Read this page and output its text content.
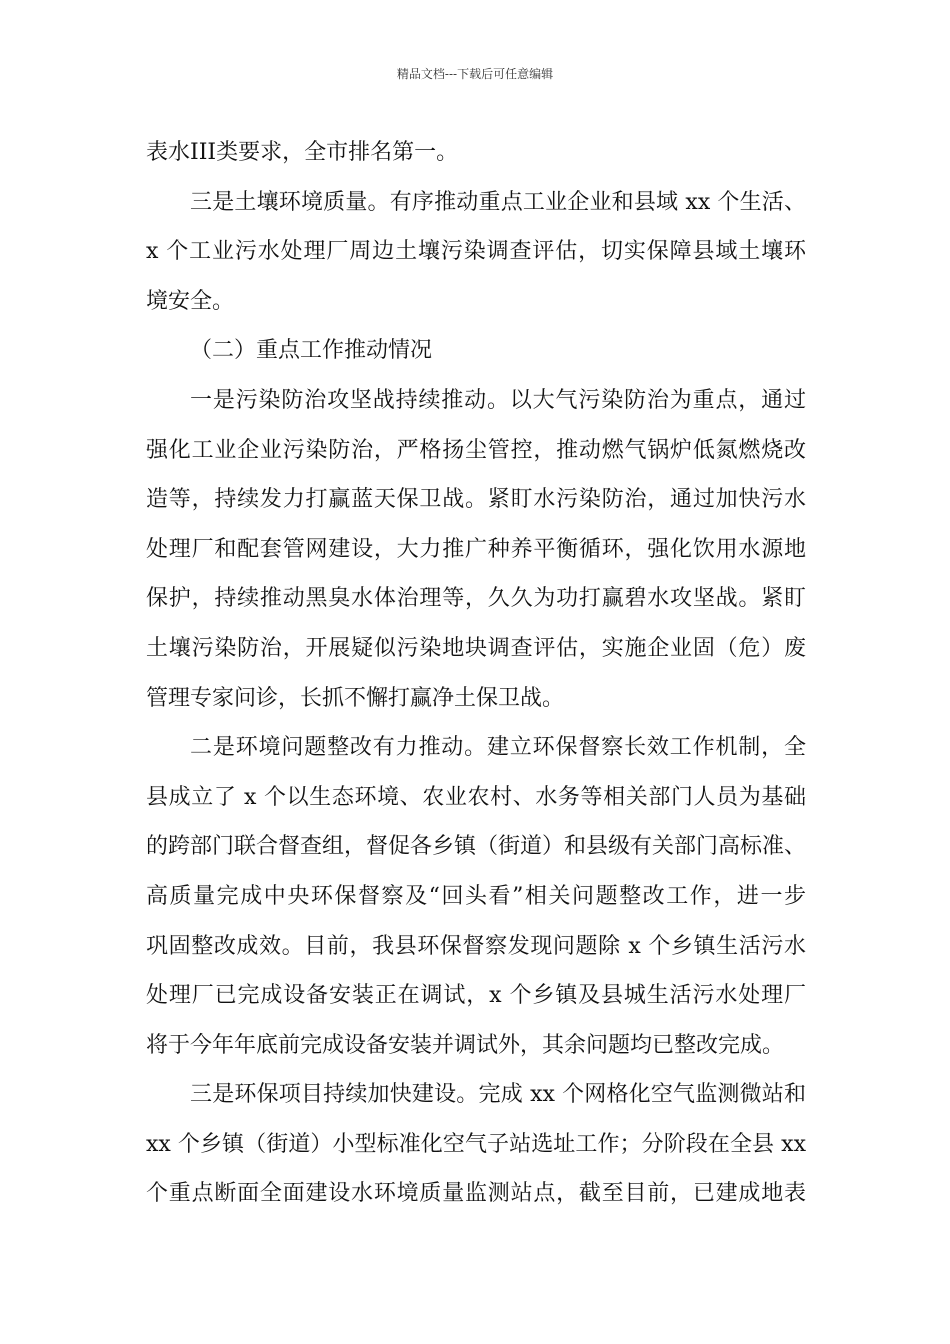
精品文档---下载后可任意编辑
表水III类要求，全市排名第一。
三是土壤环境质量。有序推动重点工业企业和县域 xx 个生活、
x 个工业污水处理厂周边土壤污染调查评估，切实保障县域土壤环
境安全。
（二）重点工作推动情况
一是污染防治攻坚战持续推动。以大气污染防治为重点，通过
强化工业企业污染防治，严格扬尘管控，推动燃气锅炉低氮燃烧改
造等，持续发力打赢蓝天保卫战。紧盯水污染防治，通过加快污水
处理厂和配套管网建设，大力推广种养平衡循环，强化饮用水源地
保护，持续推动黑臭水体治理等，久久为功打赢碧水攻坚战。紧盯
土壤污染防治，开展疑似污染地块调查评估，实施企业固（危）废
管理专家问诊，长抓不懈打赢净土保卫战。
二是环境问题整改有力推动。建立环保督察长效工作机制，全
县成立了 x 个以生态环境、农业农村、水务等相关部门人员为基础
的跨部门联合督查组，督促各乡镇（街道）和县级有关部门高标准、
高质量完成中央环保督察及“回头看”相关问题整改工作，进一步
巩固整改成效。目前，我县环保督察发现问题除 x 个乡镇生活污水
处理厂已完成设备安装正在调试，x 个乡镇及县城生活污水处理厂
将于今年年底前完成设备安装并调试外，其余问题均已整改完成。
三是环保项目持续加快建设。完成 xx 个网格化空气监测微站和
xx 个乡镇（街道）小型标准化空气子站选址工作；分阶段在全县 xx
个重点断面全面建设水环境质量监测站点，截至目前，已建成地表
